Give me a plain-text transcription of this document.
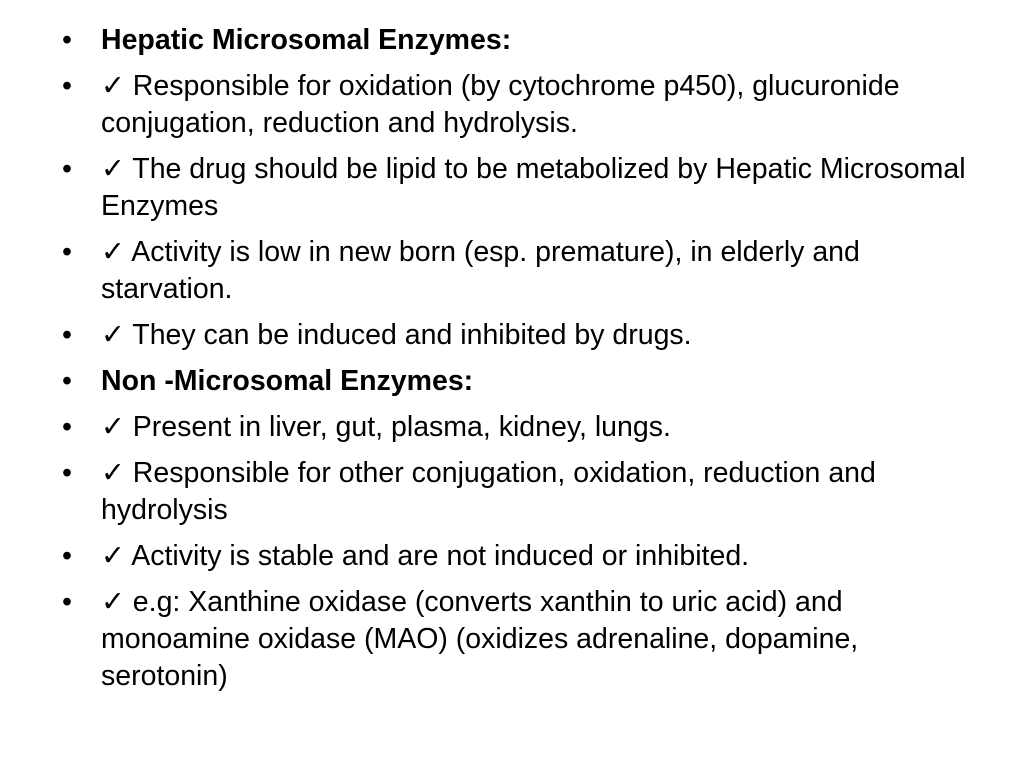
• Hepatic Microsomal Enzymes:
• ✓ Responsible for oxidation (by cytochrome p450), glucuronide conjugation, reduction and hydrolysis.
• ✓ The drug should be lipid to be metabolized by Hepatic Microsomal Enzymes
• ✓ Activity is low in new born (esp. premature), in elderly and starvation.
• ✓ They can be induced and inhibited by drugs.
• Non -Microsomal Enzymes:
• ✓ Present in liver, gut, plasma, kidney, lungs.
• ✓ Responsible for other conjugation, oxidation, reduction and hydrolysis
• ✓ Activity is stable and are not induced or inhibited.
• ✓ e.g: Xanthine oxidase (converts xanthin to uric acid) and monoamine oxidase (MAO) (oxidizes adrenaline, dopamine, serotonin)
